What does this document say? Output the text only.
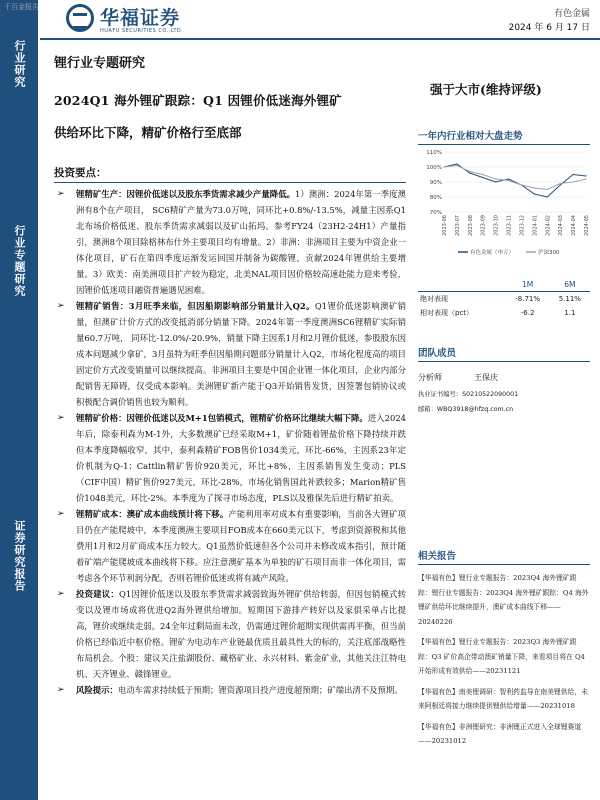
行业研究
行业专题研究
证券研究报告
华福证券
HUAFU SECURITIES CO.,LTD.
有色金属
2024 年 6 月 17 日
千百金报告
锂行业专题研究
2024Q1 海外锂矿跟踪：Q1 因锂价低迷海外锂矿
供给环比下降，精矿价格行至底部
强于大市(维持评级)
投资要点：
➢ 锂精矿生产：因锂价低迷以及股东季货需求减少产量降低。1）澳洲：2024年第一季度澳洲有8个在产项目， SC6精矿产量为73.0万吨，同环比+0.8%/-13.5%，减量主因系Q1北布场价格低迷、股东季货需求减弱以及矿山拓坞。参考FY24（23H2-24H1）产量指引，澳洲8个项目除格林布什外主要项目均有增量。2）非洲：非洲项目主要为中资企业一体化项目，矿石在第四季度运渐发运回国并制备为碳酸锂，贡献2024年锂供给主要增量。3）欧美：南美洲项目扩产较为稳定，北美NAL项目因价格较高速赴能力迎来考验，因锂价低迷项目融资普遍遇见困难。
➢ 锂精矿销售：3月旺季来临，但因船期影响部分销量计入Q2。Q1锂价低迷影响澳矿销量，但澳矿计价方式的改变抵消部分销量下降。2024年第一季度澳洲SC6锂精矿实际销量60.7万吨， 同环比-12.0%/-20.9%，销量下降主因系1月和2月锂价低迷，参股股东因成本问题减少拿矿，3月虽特为旺季但因船期问题部分销量计入Q2，市场化程度高的项目固定价方式改变销量可以继续提高。非洲项目主要是中国企业锂一体化项目，企业内部分配销售无障碍，仅受成本影响。美洲锂矿新产能于Q3开始销售发货，因签署包销协议或积极配合调价销售也较为顺利。
➢ 锂精矿价格：因锂价低迷以及M+1包销模式，锂精矿价格环比继续大幅下降。进入2024年后，除泰利森为M-1外，大多数澳矿已经采取M+1，矿价随着锂盐价格下降持续并跌但本季度降幅收窄，其中，泰利森精矿FOB售价1034美元，环比-66%，主因系23年定价机制为Q-1；Cattlin精矿售价920美元，环比+8%，主因系销售发生变动；PLS（CIF中国）精矿售价927美元，环比-28%，市场化销售国此补跌较多；Marion精矿售价1048美元，环比-2%。本季度为了探寻市场态度，PLS以及雅保先后进行精矿拍卖。
➢ 锂精矿成本：澳矿成本曲线预计将下移。产能利用率对成本有重要影响，当前各大锂矿项目仍在产能爬坡中，本季度澳洲主要项目FOB成本在660美元以下，考虑到资源税和其他费用1月和2月矿商成本压力较大。Q1虽然价低速但各个公司并未修改成本指引，预计随着矿端产能爬坡成本曲线将下移。应注意澳矿基本为单独的矿石项目而非一体化项目，需考虑各个环节利润分配，否则若锂价低迷或将有减产风险。
➢ 投资建议：Q1因锂价低迷以及股东季货需求减弱致海外锂矿供给转弱，但因包销模式转变以及锂市场成将优进Q2海外锂供给增加。短期国下游排产转好以及家俱采单占比提高，锂价或继续走弱。24全年过剩局面未改，仍需通过锂价超期实现供需再平衡，但当前价格已经临近中枢价格。锂矿为电动车产业链最优质且最具性大的标的，关注底部战略性布局机会。个股：建议关注盐湖股份、藏格矿业、永兴材料、紫金矿业，其他关注江特电机、天齐锂业、赣锋锂业。
➢ 风险提示：电动车需求持续低于预期；锂资源项目投产进度超预期；矿端出清不及预期。
一年内行业相对大盘走势
110%
100%
90%
80%
70%
2023-06 2023-07 2023-08 2023-09 2023-10 2023-11 2023-12 2024-01 2024-02 2024-03 2024-04 2024-05
有色金属（申万）	沪深300
	1M	6M
绝对表现	-8.71%	5.11%
相对表现（pct）	-6.2	1.1
团队成员
分析师	王保庆
执业证书编号：S0210522090001
邮箱：WBQ3918@hfzq.com.cn
相关报告
【华福有色】锂行业专题报告：2023Q4 海外锂矿跟踪：锂行业专题报告：2023Q4 海外锂矿跟踪：Q4 海外锂矿供给环比继续提升，澳矿成本曲线下移——20240226
【华福有色】锂行业专题报告：2023Q3 海外锂矿跟踪：Q3 矿价高企带动澳矿销量下降，来看项目将在 Q4 开始形成有效供给——20231121
【华福有色】南美锂调研：智利药监导在南美锂供给，未来阿根廷将接力继续提供锂供给增量——20231018
【华福有色】非洲锂研究：非洲锂正式进入全球锂赛道——20231012
